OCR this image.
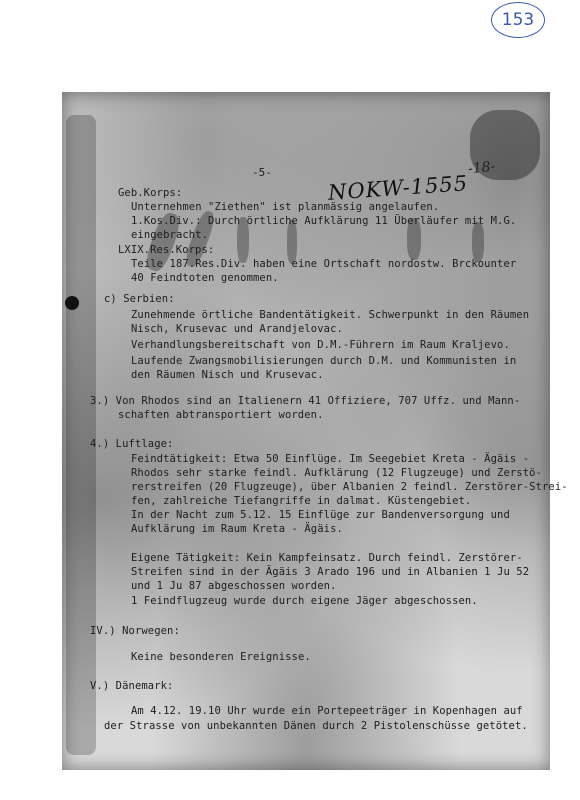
153
-5-	NOKW-1555
-18-
Geb.Korps:
Unternehmen "Ziethen" ist planmässig angelaufen.
1.Kos.Div.: Durch örtliche Aufklärung 11 Überläufer mit M.G.
eingebracht.
LXIX.Res.Korps:
Teile 187.Res.Div. haben eine Ortschaft nordostw. Brckounter
40 Feindtoten genommen.
c) Serbien:
Zunehmende örtliche Bandentätigkeit. Schwerpunkt in den Räumen
Nisch, Krusevac und Arandjelovac.
Verhandlungsbereitschaft von D.M.-Führern im Raum Kraljevo.
Laufende Zwangsmobilisierungen durch D.M. und Kommunisten in
den Räumen Nisch und Krusevac.
3.) Von Rhodos sind an Italienern 41 Offiziere, 707 Uffz. und Mann-
schaften abtransportiert worden.
4.) Luftlage:
Feindtätigkeit: Etwa 50 Einflüge. Im Seegebiet Kreta - Ägäis -
Rhodos sehr starke feindl. Aufklärung (12 Flugzeuge) und Zerstö-
rerstreifen (20 Flugzeuge), über Albanien 2 feindl. Zerstörer-Strei-
fen, zahlreiche Tiefangriffe in dalmat. Küstengebiet.
In der Nacht zum 5.12. 15 Einflüge zur Bandenversorgung und
Aufklärung im Raum Kreta - Ägäis.
Eigene Tätigkeit: Kein Kampfeinsatz. Durch feindl. Zerstörer-
Streifen sind in der Ägäis 3 Arado 196 und in Albanien 1 Ju 52
und 1 Ju 87 abgeschossen worden.
1 Feindflugzeug wurde durch eigene Jäger abgeschossen.
IV.) Norwegen:
Keine besonderen Ereignisse.
V.) Dänemark:
Am 4.12. 19.10 Uhr wurde ein Portepeeträger in Kopenhagen auf
der Strasse von unbekannten Dänen durch 2 Pistolenschüsse getötet.
